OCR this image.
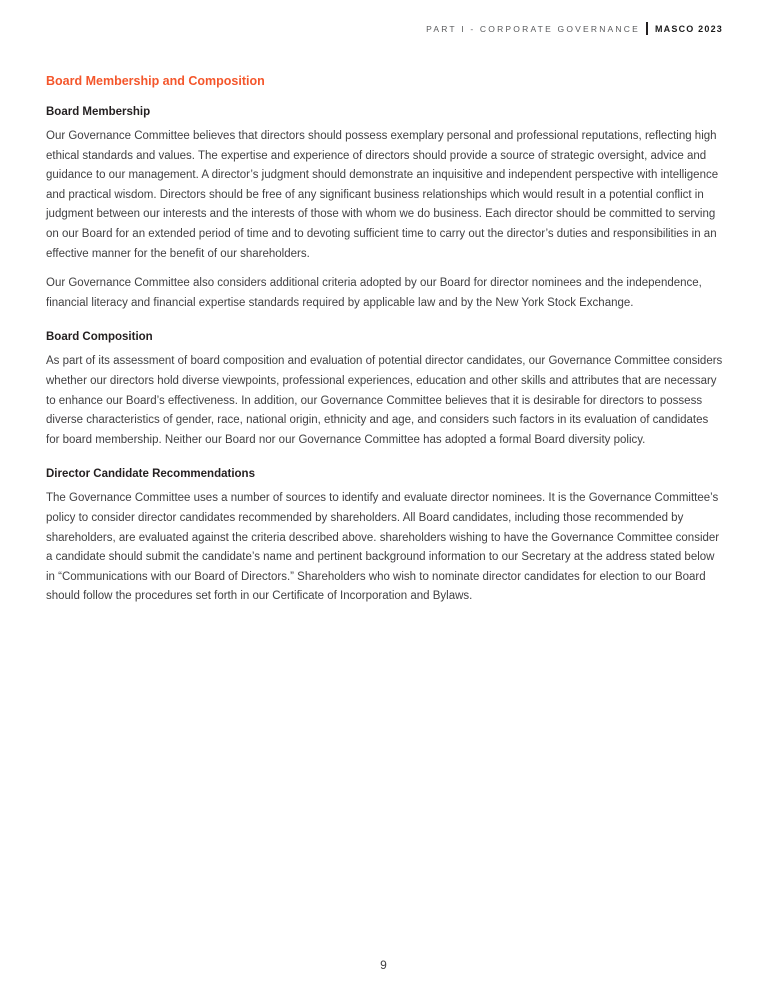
PART I - CORPORATE GOVERNANCE MASCO 2023
Board Membership and Composition
Board Membership

Our Governance Committee believes that directors should possess exemplary personal and professional reputations, reflecting high ethical standards and values. The expertise and experience of directors should provide a source of strategic oversight, advice and guidance to our management. A director’s judgment should demonstrate an inquisitive and independent perspective with intelligence and practical wisdom. Directors should be free of any significant business relationships which would result in a potential conflict in judgment between our interests and the interests of those with whom we do business. Each director should be committed to serving on our Board for an extended period of time and to devoting sufficient time to carry out the director’s duties and responsibilities in an effective manner for the benefit of our shareholders.

Our Governance Committee also considers additional criteria adopted by our Board for director nominees and the independence, financial literacy and financial expertise standards required by applicable law and by the New York Stock Exchange.

Board Composition

As part of its assessment of board composition and evaluation of potential director candidates, our Governance Committee considers whether our directors hold diverse viewpoints, professional experiences, education and other skills and attributes that are necessary to enhance our Board’s effectiveness. In addition, our Governance Committee believes that it is desirable for directors to possess diverse characteristics of gender, race, national origin, ethnicity and age, and considers such factors in its evaluation of candidates for board membership. Neither our Board nor our Governance Committee has adopted a formal Board diversity policy.

Director Candidate Recommendations

The Governance Committee uses a number of sources to identify and evaluate director nominees. It is the Governance Committee’s policy to consider director candidates recommended by shareholders. All Board candidates, including those recommended by shareholders, are evaluated against the criteria described above. shareholders wishing to have the Governance Committee consider a candidate should submit the candidate’s name and pertinent background information to our Secretary at the address stated below in “Communications with our Board of Directors.” Shareholders who wish to nominate director candidates for election to our Board should follow the procedures set forth in our Certificate of Incorporation and Bylaws.

9
